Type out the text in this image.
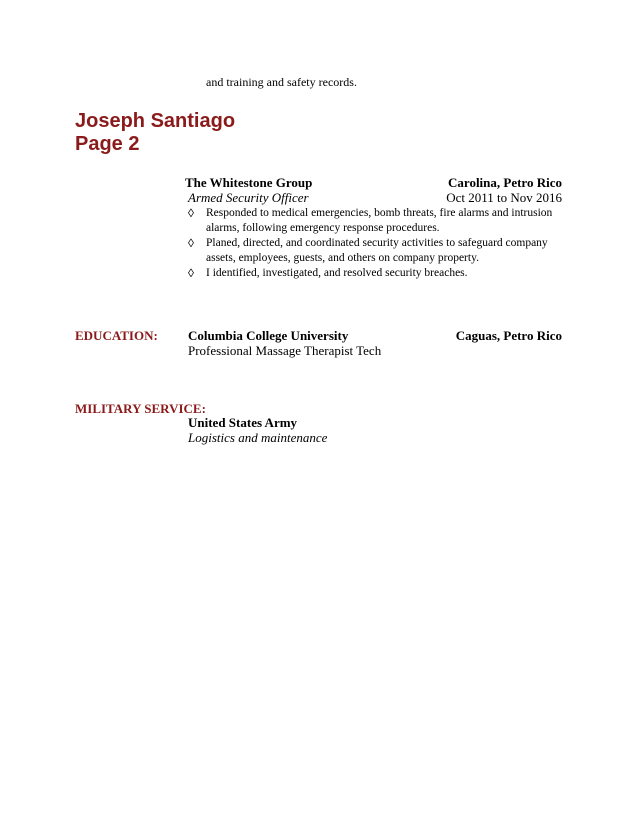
and training and safety records.
Joseph Santiago
Page 2
The Whitestone Group	Carolina, Petro Rico
Armed Security Officer	Oct 2011 to Nov 2016
◊ Responded to medical emergencies, bomb threats, fire alarms and intrusion alarms, following emergency response procedures.
◊ Planed, directed, and coordinated security activities to safeguard company assets, employees, guests, and others on company property.
◊ I identified, investigated, and resolved security breaches.
EDUCATION: Columbia College University	Caguas, Petro Rico
Professional Massage Therapist Tech
MILITARY SERVICE:
United States Army
Logistics and maintenance
